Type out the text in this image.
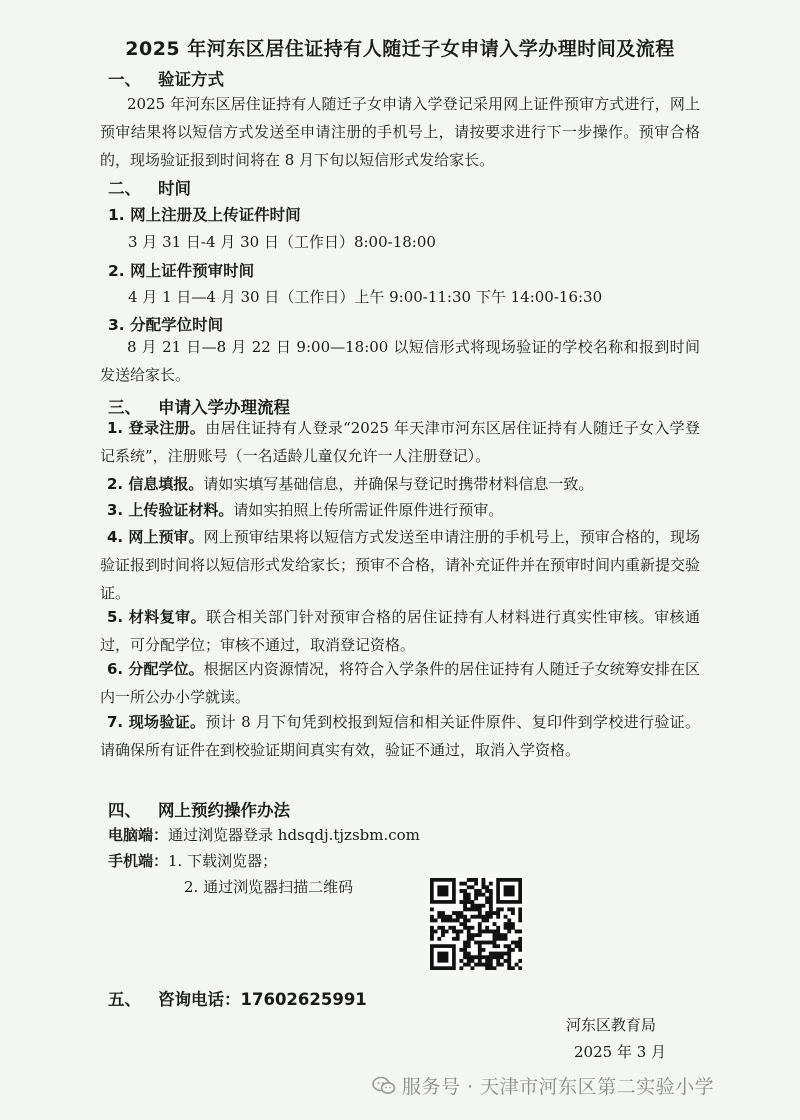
2025 年河东区居住证持有人随迁子女申请入学办理时间及流程
一、 验证方式
2025 年河东区居住证持有人随迁子女申请入学登记采用网上证件预审方式进行，网上预审结果将以短信方式发送至申请注册的手机号上，请按要求进行下一步操作。预审合格的，现场验证报到时间将在 8 月下旬以短信形式发给家长。
二、 时间
1. 网上注册及上传证件时间
3 月 31 日-4 月 30 日（工作日）8:00-18:00
2. 网上证件预审时间
4 月 1 日—4 月 30 日（工作日）上午 9:00-11:30 下午 14:00-16:30
3. 分配学位时间
8 月 21 日—8 月 22 日 9:00—18:00 以短信形式将现场验证的学校名称和报到时间发送给家长。
三、 申请入学办理流程
1. 登录注册。由居住证持有人登录“2025 年天津市河东区居住证持有人随迁子女入学登记系统”，注册账号（一名适龄儿童仅允许一人注册登记）。
2. 信息填报。请如实填写基础信息，并确保与登记时携带材料信息一致。
3. 上传验证材料。请如实拍照上传所需证件原件进行预审。
4. 网上预审。网上预审结果将以短信方式发送至申请注册的手机号上，预审合格的，现场验证报到时间将以短信形式发给家长；预审不合格，请补充证件并在预审时间内重新提交验证。
5. 材料复审。联合相关部门针对预审合格的居住证持有人材料进行真实性审核。审核通过，可分配学位；审核不通过，取消登记资格。
6. 分配学位。根据区内资源情况，将符合入学条件的居住证持有人随迁子女统筹安排在区内一所公办小学就读。
7. 现场验证。预计 8 月下旬凭到校报到短信和相关证件原件、复印件到学校进行验证。请确保所有证件在到校验证期间真实有效，验证不通过，取消入学资格。
四、 网上预约操作办法
电脑端：通过浏览器登录 hdsqdj.tjzsbm.com
手机端：1. 下载浏览器；
2. 通过浏览器扫描二维码
五、 咨询电话：17602625991
河东区教育局
2025 年 3 月
服务号 · 天津市河东区第二实验小学
